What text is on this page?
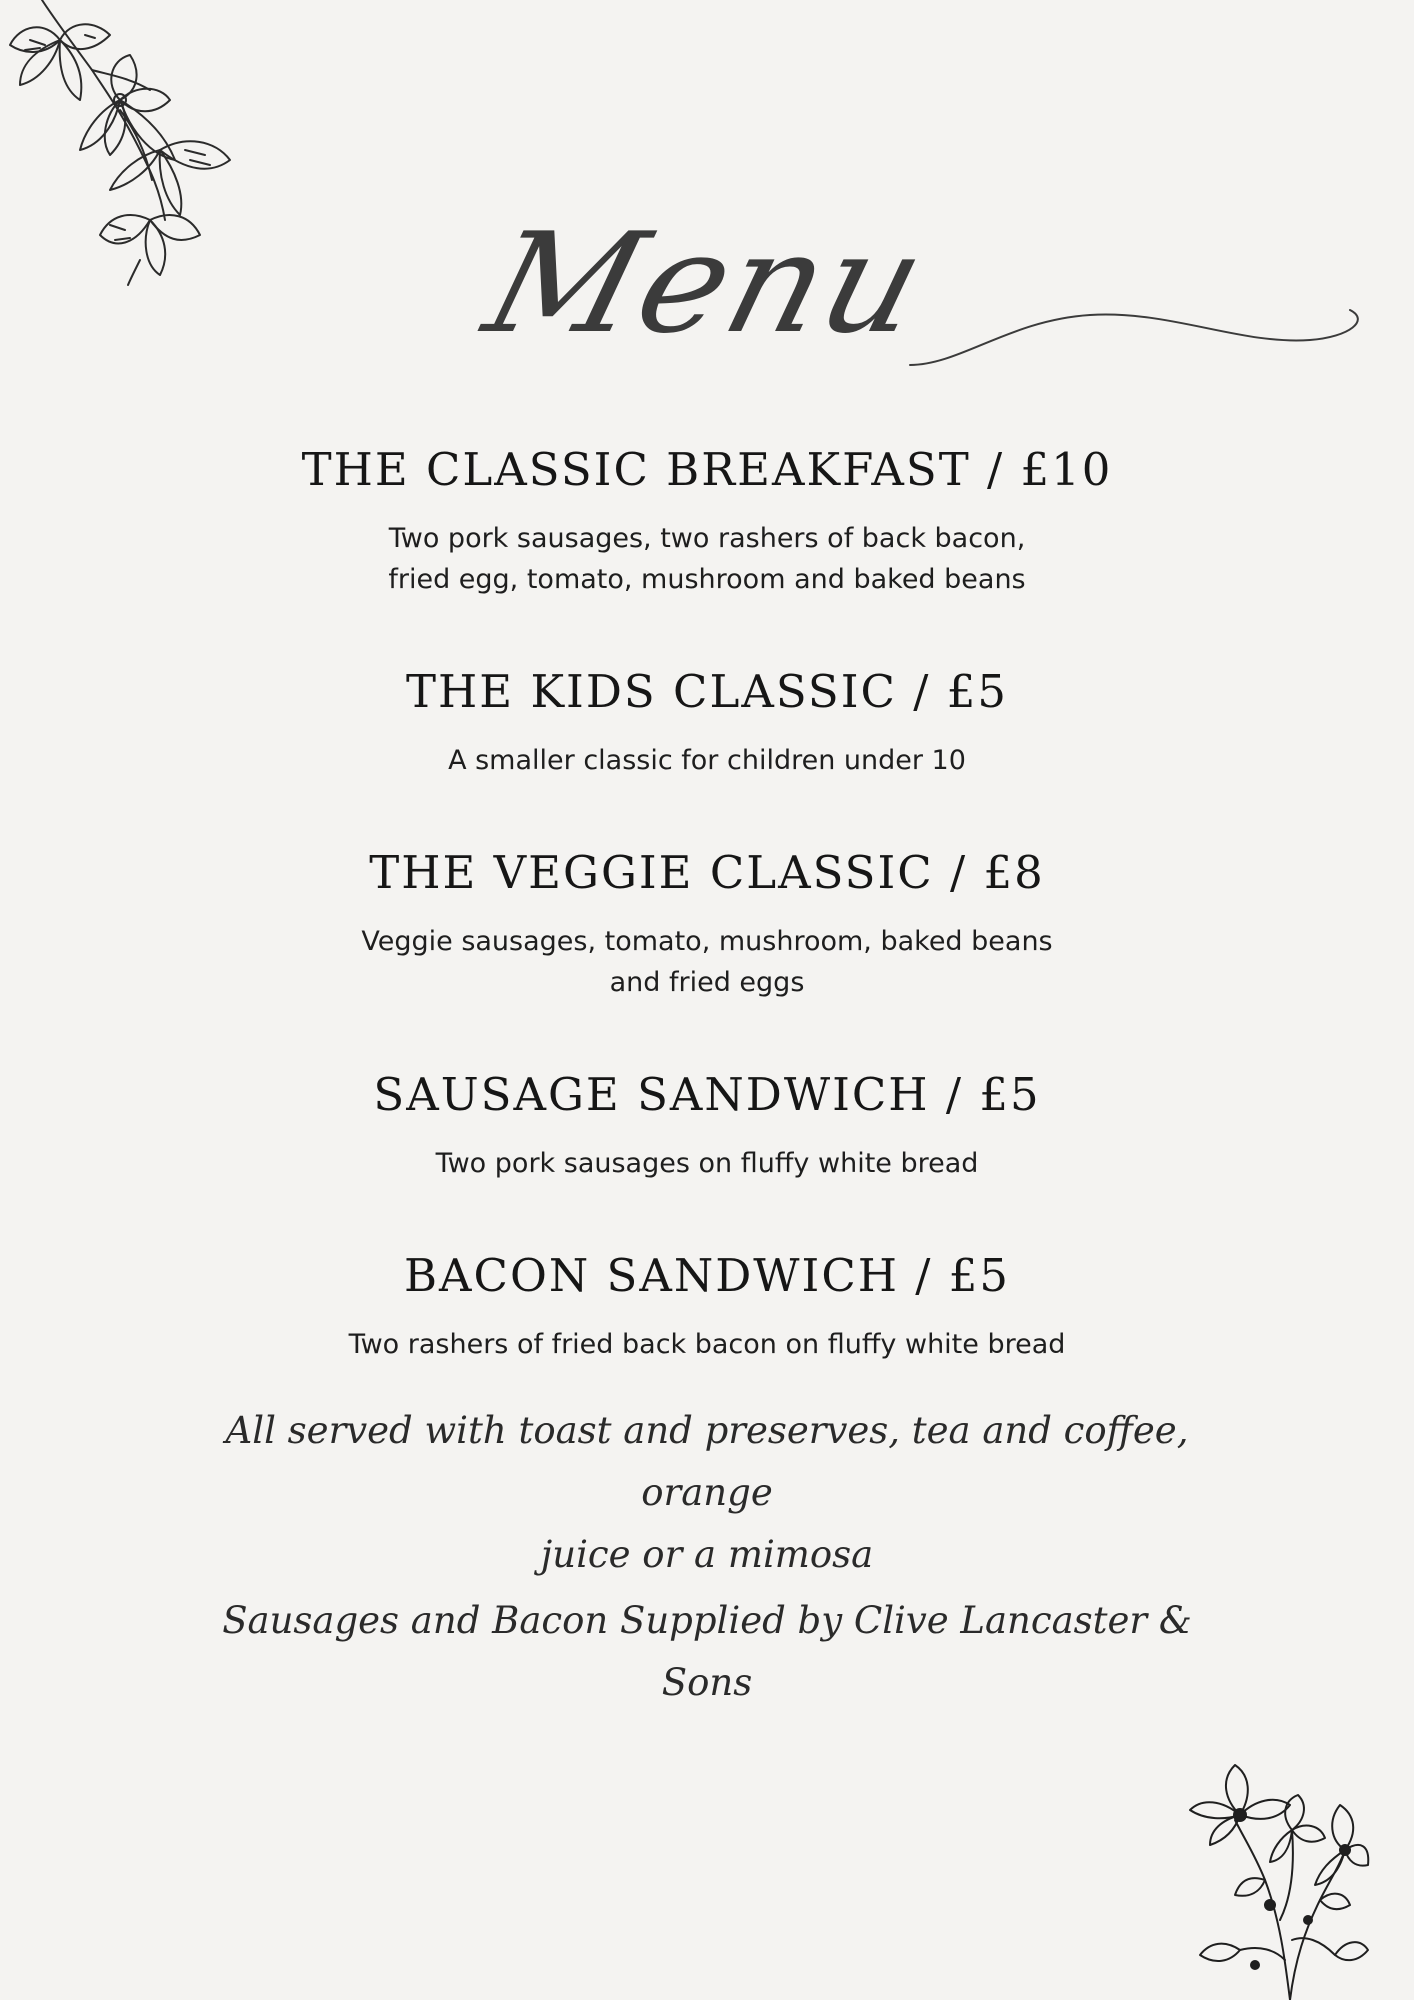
Menu

THE CLASSIC BREAKFAST / £10

Two pork sausages, two rashers of back bacon,

fried egg, tomato, mushroom and baked beans

THE KIDS CLASSIC / £5

A smaller classic for children under 10

THE VEGGIE CLASSIC / £8

Veggie sausages, tomato, mushroom, baked beans

and fried eggs

SAUSAGE SANDWICH / £5

Two pork sausages on fluffy white bread

BACON SANDWICH / £5

Two rashers of fried back bacon on fluffy white bread

All served with toast and preserves, tea and coffee, orange
juice or a mimosa
Sausages and Bacon Supplied by Clive Lancaster & Sons
